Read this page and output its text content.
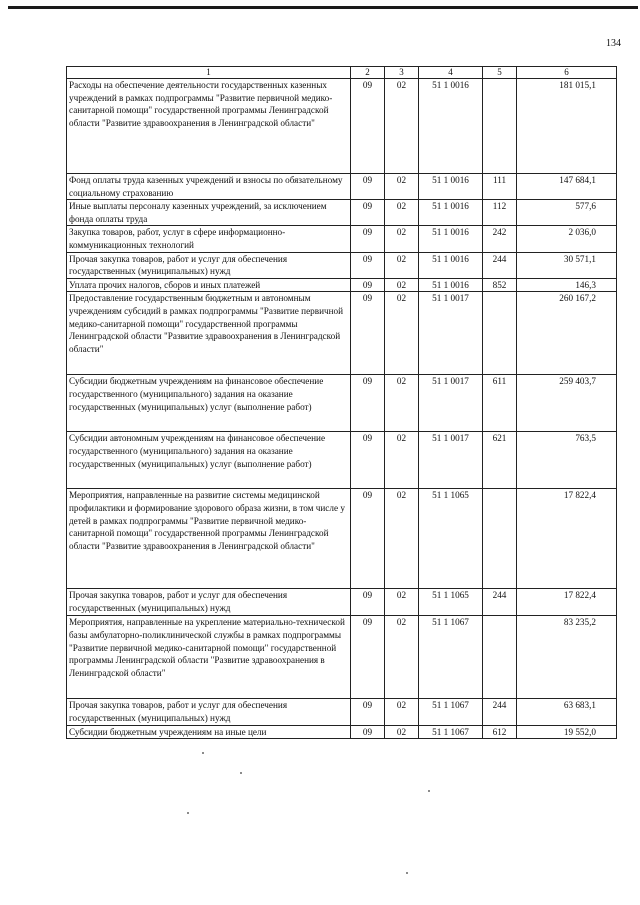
134
1	2	3	4	5	6
Расходы на обеспечение деятельности государственных казенных учреждений в рамках подпрограммы "Развитие первичной медико-санитарной помощи" государственной программы Ленинградской области "Развитие здравоохранения в Ленинградской области"	09	02	51 1 0016		181 015,1
Фонд оплаты труда казенных учреждений и взносы по обязательному социальному страхованию	09	02	51 1 0016	111	147 684,1
Иные выплаты персоналу казенных учреждений, за исключением фонда оплаты труда	09	02	51 1 0016	112	577,6
Закупка товаров, работ, услуг в сфере информационно-коммуникационных технологий	09	02	51 1 0016	242	2 036,0
Прочая закупка товаров, работ и услуг для обеспечения государственных (муниципальных) нужд	09	02	51 1 0016	244	30 571,1
Уплата прочих налогов, сборов и иных платежей	09	02	51 1 0016	852	146,3
Предоставление государственным бюджетным и автономным учреждениям субсидий в рамках подпрограммы "Развитие первичной медико-санитарной помощи" государственной программы Ленинградской области "Развитие здравоохранения в Ленинградской области"	09	02	51 1 0017		260 167,2
Субсидии бюджетным учреждениям на финансовое обеспечение государственного (муниципального) задания на оказание государственных (муниципальных) услуг (выполнение работ)	09	02	51 1 0017	611	259 403,7
Субсидии автономным учреждениям на финансовое обеспечение государственного (муниципального) задания на оказание государственных (муниципальных) услуг (выполнение работ)	09	02	51 1 0017	621	763,5
Мероприятия, направленные на развитие системы медицинской профилактики и формирование здорового образа жизни, в том числе у детей в рамках подпрограммы "Развитие первичной медико-санитарной помощи" государственной программы Ленинградской области "Развитие здравоохранения в Ленинградской области"	09	02	51 1 1065		17 822,4
Прочая закупка товаров, работ и услуг для обеспечения государственных (муниципальных) нужд	09	02	51 1 1065	244	17 822,4
Мероприятия, направленные на укрепление материально-технической базы амбулаторно-поликлинической службы в рамках подпрограммы "Развитие первичной медико-санитарной помощи" государственной программы Ленинградской области "Развитие здравоохранения в Ленинградской области"	09	02	51 1 1067		83 235,2
Прочая закупка товаров, работ и услуг для обеспечения государственных (муниципальных) нужд	09	02	51 1 1067	244	63 683,1
Субсидии бюджетным учреждениям на иные цели	09	02	51 1 1067	612	19 552,0
